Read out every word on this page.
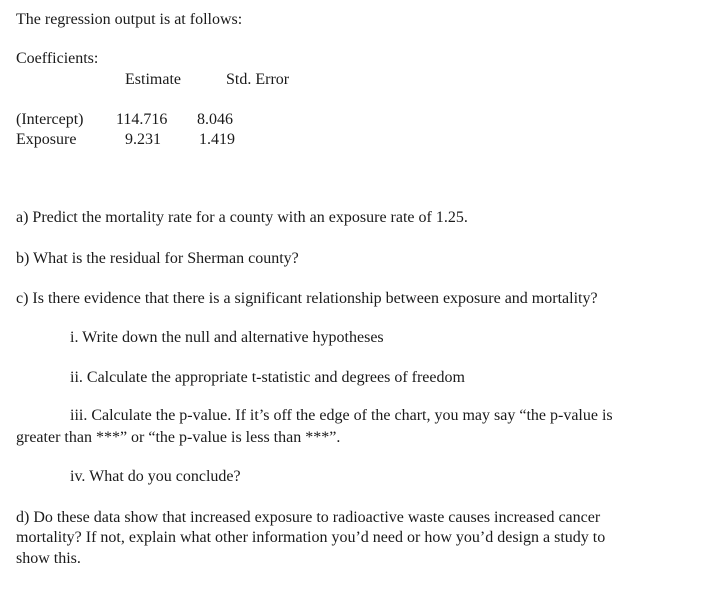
The regression output is at follows:
Coefficients:
Estimate	Std. Error
(Intercept) 114.716 8.046
Exposure	9.231 1.419
a) Predict the mortality rate for a county with an exposure rate of 1.25.
b) What is the residual for Sherman county?
c) Is there evidence that there is a significant relationship between exposure and mortality?
i. Write down the null and alternative hypotheses
ii. Calculate the appropriate t-statistic and degrees of freedom
iii. Calculate the p-value. If it’s off the edge of the chart, you may say “the p-value is
greater than ***” or “the p-value is less than ***”.
iv. What do you conclude?
d) Do these data show that increased exposure to radioactive waste causes increased cancer
mortality? If not, explain what other information you’d need or how you’d design a study to
show this.
